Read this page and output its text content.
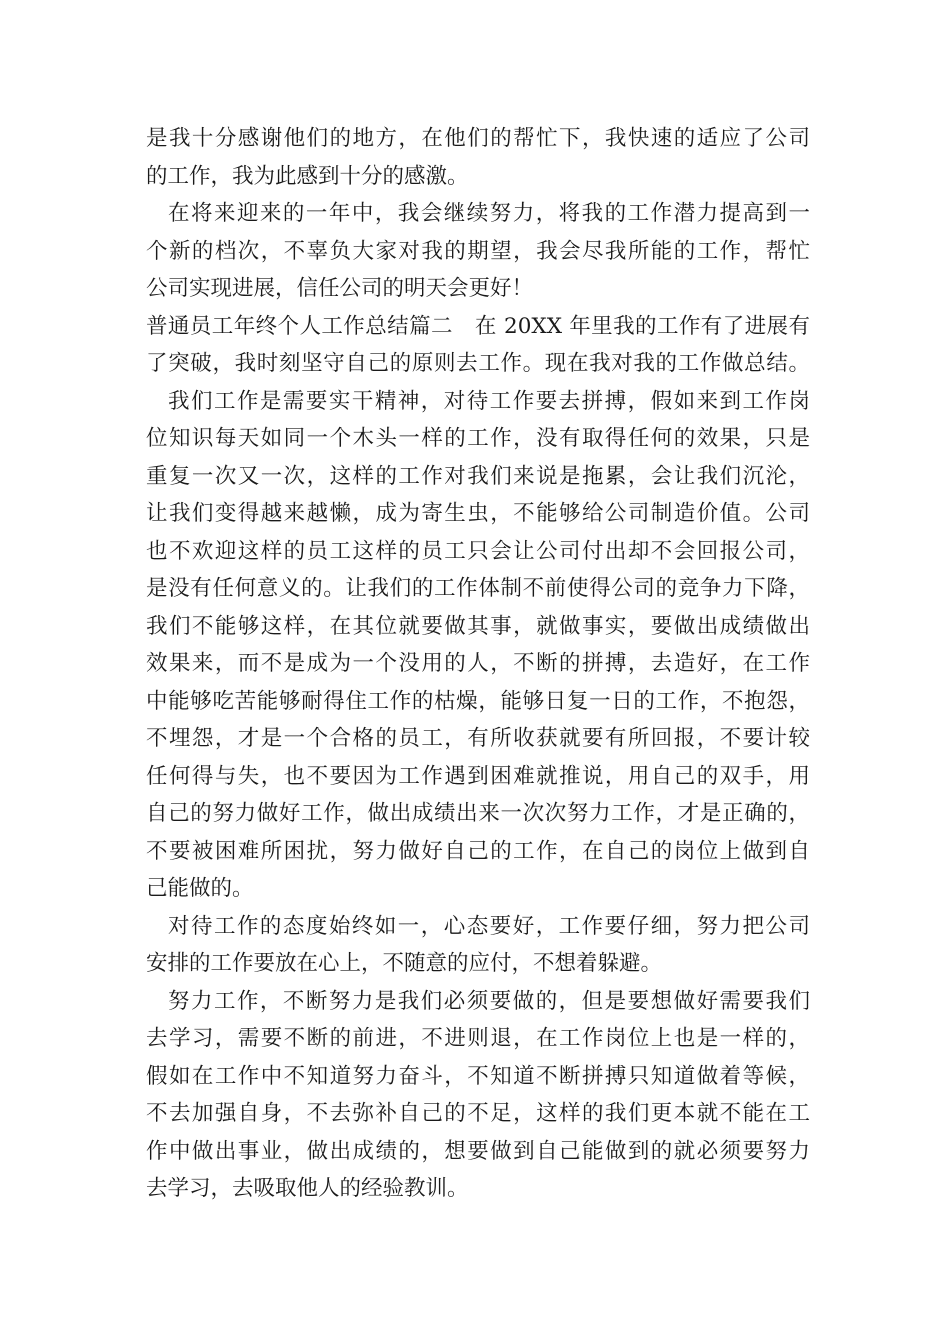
是我十分感谢他们的地方，在他们的帮忙下，我快速的适应了公司
的工作，我为此感到十分的感激。
在将来迎来的一年中，我会继续努力，将我的工作潜力提高到一
个新的档次，不辜负大家对我的期望，我会尽我所能的工作，帮忙
公司实现进展，信任公司的明天会更好！
普通员工年终个人工作总结篇二　在 20XX 年里我的工作有了进展有
了突破，我时刻坚守自己的原则去工作。现在我对我的工作做总结。
我们工作是需要实干精神，对待工作要去拼搏，假如来到工作岗
位知识每天如同一个木头一样的工作，没有取得任何的效果，只是
重复一次又一次，这样的工作对我们来说是拖累，会让我们沉沦，
让我们变得越来越懒，成为寄生虫，不能够给公司制造价值。公司
也不欢迎这样的员工这样的员工只会让公司付出却不会回报公司，
是没有任何意义的。让我们的工作体制不前使得公司的竞争力下降，
我们不能够这样，在其位就要做其事，就做事实，要做出成绩做出
效果来，而不是成为一个没用的人，不断的拼搏，去造好，在工作
中能够吃苦能够耐得住工作的枯燥，能够日复一日的工作，不抱怨，
不埋怨，才是一个合格的员工，有所收获就要有所回报，不要计较
任何得与失，也不要因为工作遇到困难就推说，用自己的双手，用
自己的努力做好工作，做出成绩出来一次次努力工作，才是正确的，
不要被困难所困扰，努力做好自己的工作，在自己的岗位上做到自
己能做的。
对待工作的态度始终如一，心态要好，工作要仔细，努力把公司
安排的工作要放在心上，不随意的应付，不想着躲避。
努力工作，不断努力是我们必须要做的，但是要想做好需要我们
去学习，需要不断的前进，不进则退，在工作岗位上也是一样的，
假如在工作中不知道努力奋斗，不知道不断拼搏只知道做着等候，
不去加强自身，不去弥补自己的不足，这样的我们更本就不能在工
作中做出事业，做出成绩的，想要做到自己能做到的就必须要努力
去学习，去吸取他人的经验教训。
